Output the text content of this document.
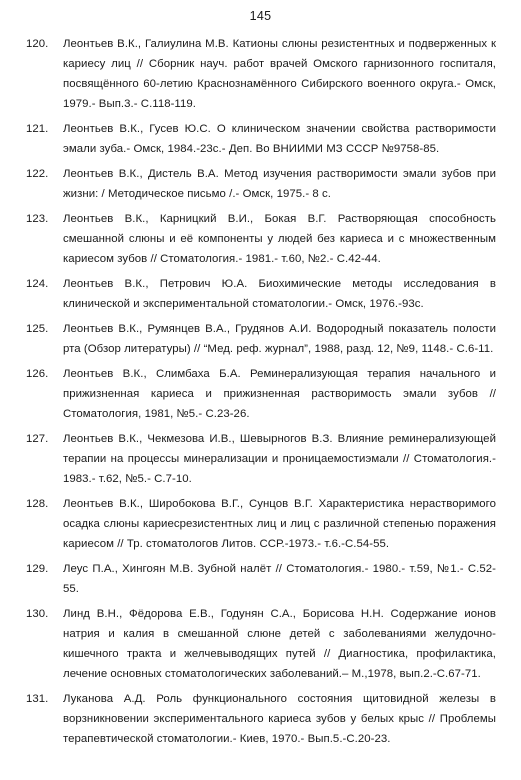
145
120.	Леонтьев В.К., Галиулина М.В. Катионы слюны резистентных и подверженных к кариесу лиц // Сборник науч. работ врачей Омского гарнизонного госпиталя, посвящённого 60-летию Краснознамённого Сибирского военного округа.- Омск, 1979.- Вып.3.- С.118-119.
121.	Леонтьев В.К., Гусев Ю.С. О клиническом значении свойства растворимости эмали зуба.- Омск, 1984.-23с.- Деп. Во ВНИИМИ МЗ СССР №9758-85.
122.	Леонтьев В.К., Дистель В.А. Метод изучения растворимости эмали зубов при жизни: / Методическое письмо /.- Омск, 1975.- 8 с.
123.	Леонтьев В.К., Карницкий В.И., Бокая В.Г. Растворяющая способность смешанной слюны и её компоненты у людей без кариеса и с множественным кариесом зубов // Стоматология.- 1981.- т.60, №2.- С.42-44.
124.	Леонтьев В.К., Петрович Ю.А. Биохимические методы исследования в клинической и экспериментальной стоматологии.- Омск, 1976.-93с.
125.	Леонтьев В.К., Румянцев В.А., Грудянов А.И. Водородный показатель полости рта (Обзор литературы) // “Мед. реф. журнал”, 1988, разд. 12, №9, 1148.- С.6-11.
126.	Леонтьев В.К., Слимбаха Б.А. Реминерализующая терапия начального и прижизненная кариеса и прижизненная растворимость эмали зубов // Стоматология, 1981, №5.- С.23-26.
127.	Леонтьев В.К., Чекмезова И.В., Шевырногов В.З. Влияние реминерализующей терапии на процессы минерализации и проницаемостиэмали // Стоматология.- 1983.- т.62, №5.- С.7-10.
128.	Леонтьев В.К., Широбокова В.Г., Сунцов В.Г. Характеристика нерастворимого осадка слюны кариесрезистентных лиц и лиц с различной степенью поражения кариесом // Тр. стоматологов Литов. ССР.-1973.- т.6.-С.54-55.
129.	Леус П.А., Хингоян М.В. Зубной налёт // Стоматология.- 1980.- т.59, №1.- С.52-55.
130.	Линд В.Н., Фёдорова Е.В., Годунян С.А., Борисова Н.Н. Содержание ионов натрия и калия в смешанной слюне детей с заболеваниями желудочно-кишечного тракта и желчевыводящих путей // Диагностика, профилактика, лечение основных стоматологических заболеваний.– М.,1978, вып.2.-С.67-71.
131.	Луканова А.Д. Роль функционального состояния щитовидной железы в ворзникновении экспериментального кариеса зубов у белых крыс // Проблемы терапевтической стоматологии.- Киев, 1970.- Вып.5.-С.20-23.
